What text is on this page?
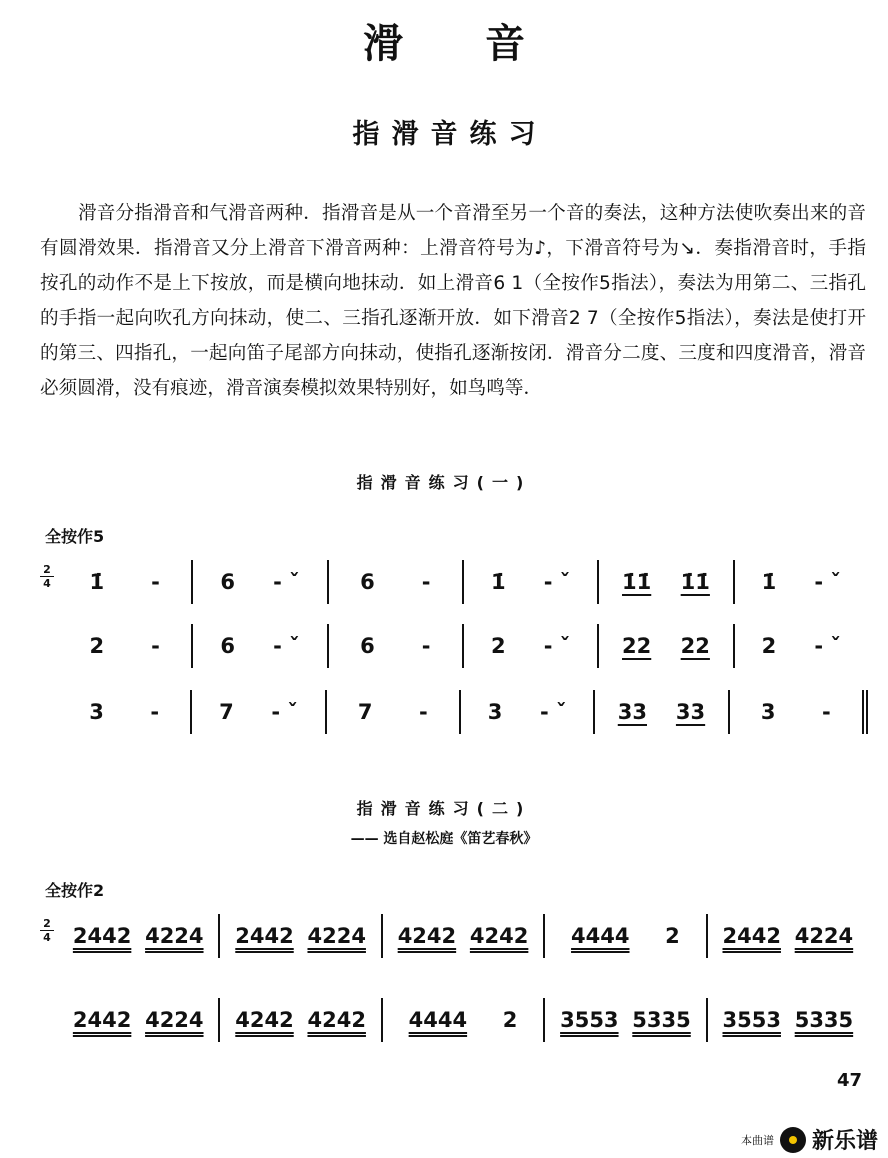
滑 音
指滑音练习

滑音分指滑音和气滑音两种．指滑音是从一个音滑至另一个音的奏法，这种方法使吹奏出来的音有圆滑效果．指滑音又分上滑音下滑音两种：上滑音符号为♪，下滑音符号为↘．奏指滑音时，手指按孔的动作不是上下按放，而是横向地抹动．如上滑音6 1（全按作5指法），奏法为用第二、三指孔的手指一起向吹孔方向抹动，使二、三指孔逐渐开放．如下滑音2 7（全按作5指法），奏法是使打开的第三、四指孔，一起向笛子尾部方向抹动，使指孔逐渐按闭．滑音分二度、三度和四度滑音，滑音必须圆滑，没有痕迹，滑音演奏模拟效果特别好，如鸟鸣等．

指滑音练习(一)
全按作5
2
4 1̇ -	6 - ˇ	6 -	1̇ - ˇ 1̇1̇ 1̇1̇ 1̇ - ˇ
2 -	6 - ˇ	6 -	2 - ˇ 22 22 2 - ˇ
3 -	7 - ˇ	7 -	3 - ˇ 33 33	3 -
指滑音练习(二)
—— 选自赵松庭《笛艺春秋》
全按作2
2
4 2442 4224 2442 4224 4242 4242 4444 2 2442 4224
2442 4224 4242 4242 4444 2 3553 5335 3553 5335
47
本曲谱 新乐谱
